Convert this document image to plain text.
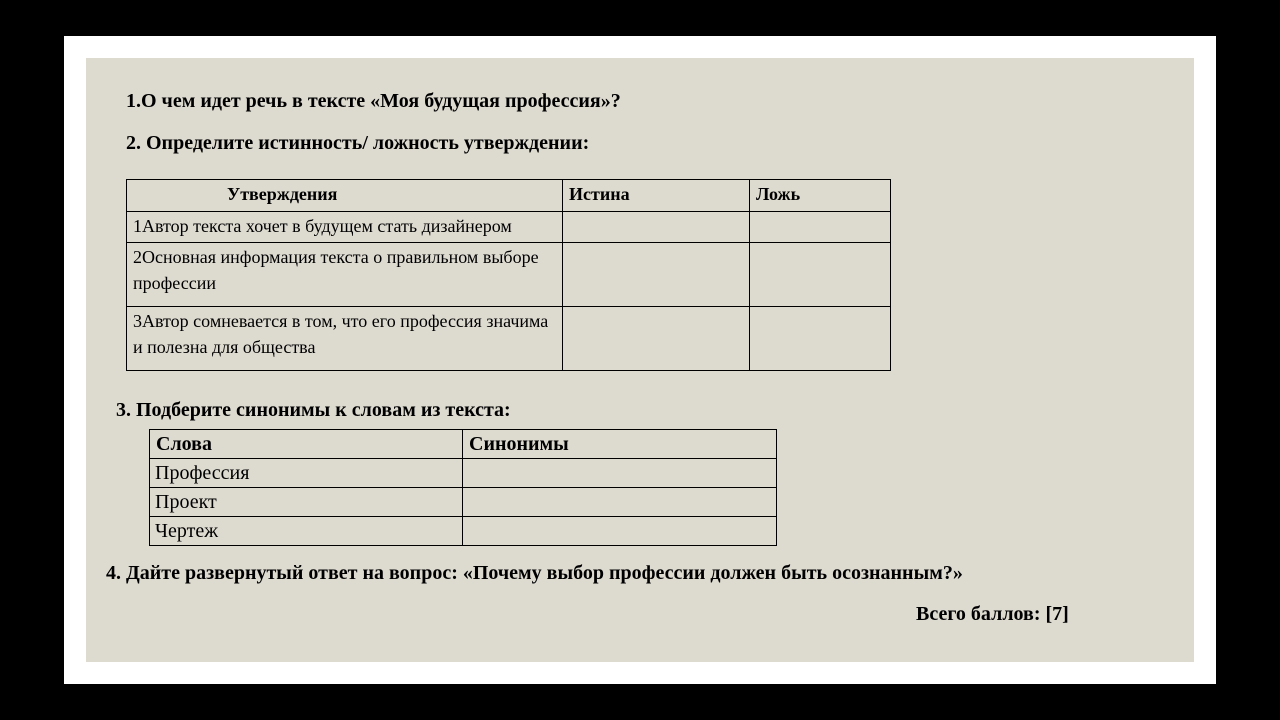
1.О чем идет речь в тексте «Моя будущая профессия»?
2. Определите истинность/ ложность утверждении:
Утверждения	Истина	Ложь
1Автор текста хочет в будущем стать дизайнером		
2Основная информация текста о правильном выборе профессии		
3Автор сомневается в том, что его профессия значима и полезна для общества		
3. Подберите синонимы к словам из текста:
Слова	Синонимы
Профессия	
Проект	
Чертеж	
4. Дайте развернутый ответ на вопрос: «Почему выбор профессии должен быть осознанным?»
Всего баллов: [7]
